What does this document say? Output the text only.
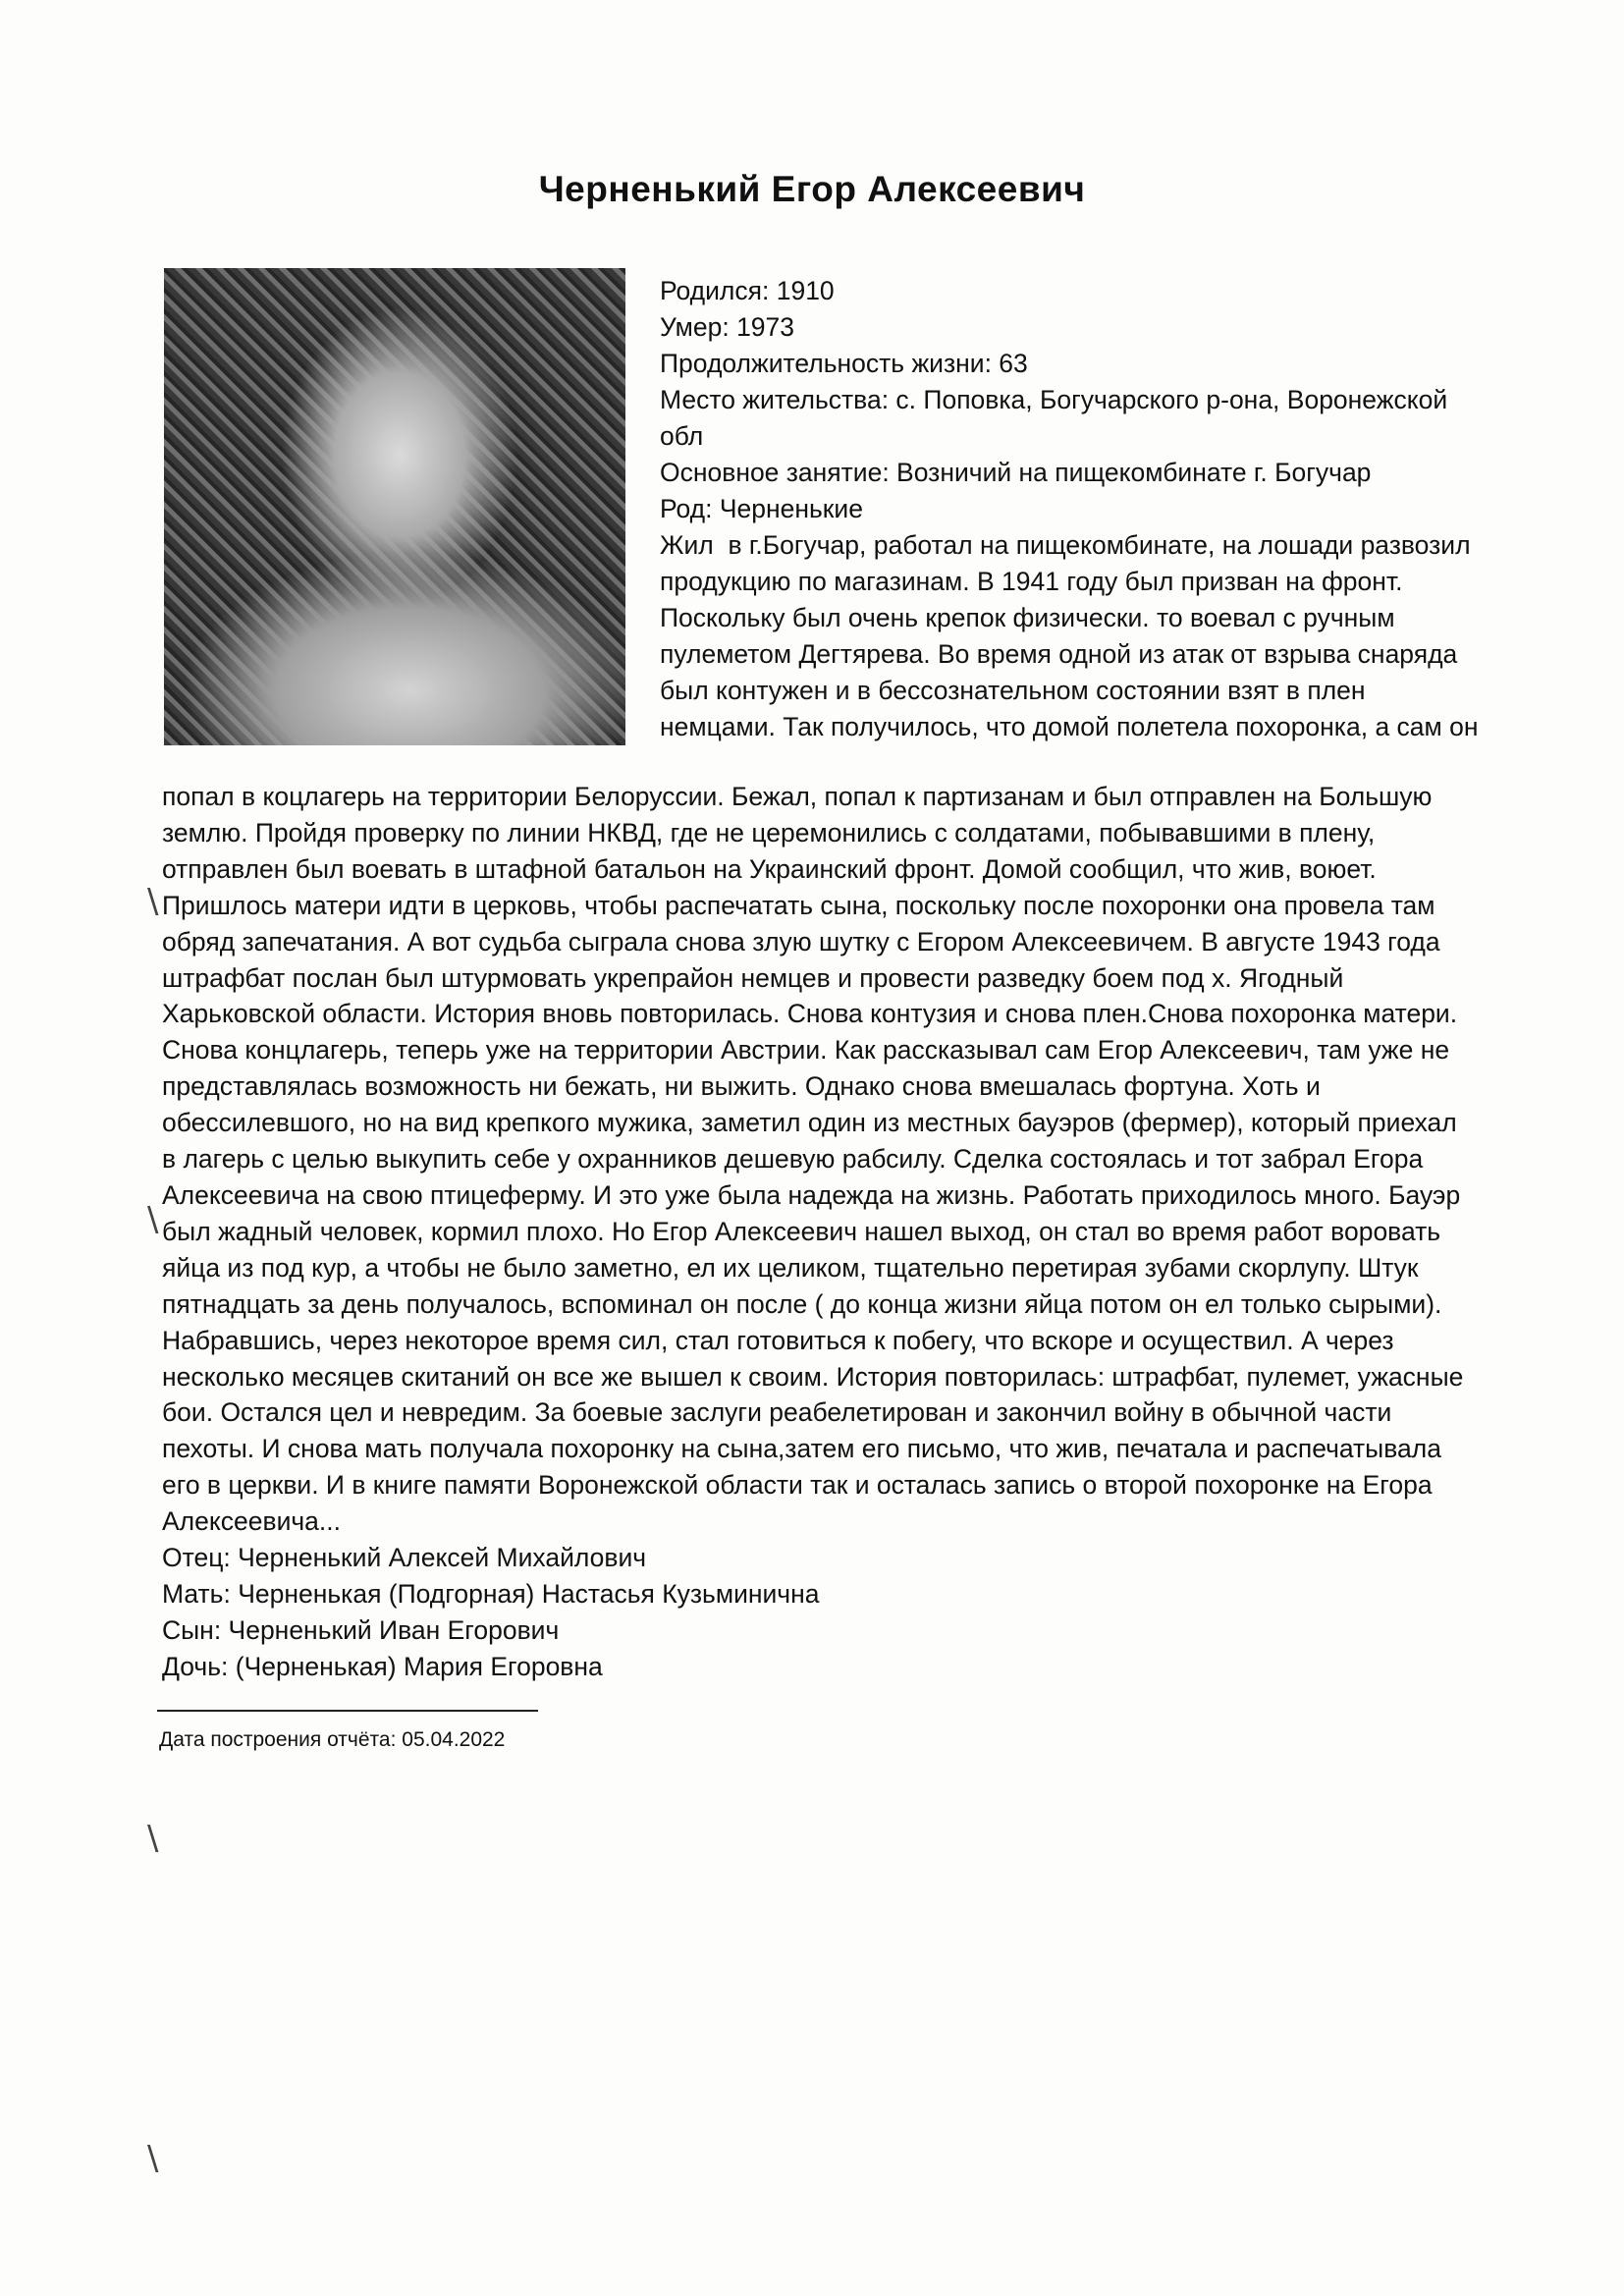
Черненький Егор Алексеевич
Родился: 1910
Умер: 1973
Продолжительность жизни: 63
Место жительства: с. Поповка, Богучарского р-она, Воронежской
обл
Основное занятие: Возничий на пищекомбинате г. Богучар
Род: Черненькие
Жил  в г.Богучар, работал на пищекомбинате, на лошади развозил
продукцию по магазинам. В 1941 году был призван на фронт.
Поскольку был очень крепок физически. то воевал с ручным
пулеметом Дегтярева. Во время одной из атак от взрыва снаряда
был контужен и в бессознательном состоянии взят в плен
немцами. Так получилось, что домой полетела похоронка, а сам он
попал в коцлагерь на территории Белоруссии. Бежал, попал к партизанам и был отправлен на Большую
землю. Пройдя проверку по линии НКВД, где не церемонились с солдатами, побывавшими в плену,
отправлен был воевать в штафной батальон на Украинский фронт. Домой сообщил, что жив, воюет.
Пришлось матери идти в церковь, чтобы распечатать сына, поскольку после похоронки она провела там
обряд запечатания. А вот судьба сыграла снова злую шутку с Егором Алексеевичем. В августе 1943 года
штрафбат послан был штурмовать укрепрайон немцев и провести разведку боем под х. Ягодный
Харьковской области. История вновь повторилась. Снова контузия и снова плен.Снова похоронка матери.
Снова концлагерь, теперь уже на территории Австрии. Как рассказывал сам Егор Алексеевич, там уже не
представлялась возможность ни бежать, ни выжить. Однако снова вмешалась фортуна. Хоть и
обессилевшого, но на вид крепкого мужика, заметил один из местных бауэров (фермер), который приехал
в лагерь с целью выкупить себе у охранников дешевую рабсилу. Сделка состоялась и тот забрал Егора
Алексеевича на свою птицеферму. И это уже была надежда на жизнь. Работать приходилось много. Бауэр
был жадный человек, кормил плохо. Но Егор Алексеевич нашел выход, он стал во время работ воровать
яйца из под кур, а чтобы не было заметно, ел их целиком, тщательно перетирая зубами скорлупу. Штук
пятнадцать за день получалось, вспоминал он после ( до конца жизни яйца потом он ел только сырыми).
Набравшись, через некоторое время сил, стал готовиться к побегу, что вскоре и осуществил. А через
несколько месяцев скитаний он все же вышел к своим. История повторилась: штрафбат, пулемет, ужасные
бои. Остался цел и невредим. За боевые заслуги реабелетирован и закончил войну в обычной части
пехоты. И снова мать получала похоронку на сына,затем его письмо, что жив, печатала и распечатывала
его в церкви. И в книге памяти Воронежской области так и осталась запись о второй похоронке на Егора
Алексеевича...
Отец: Черненький Алексей Михайлович
Мать: Черненькая (Подгорная) Настасья Кузьминична
Сын: Черненький Иван Егорович
Дочь: (Черненькая) Мария Егоровна
Дата построения отчёта: 05.04.2022
\
\
\
\
